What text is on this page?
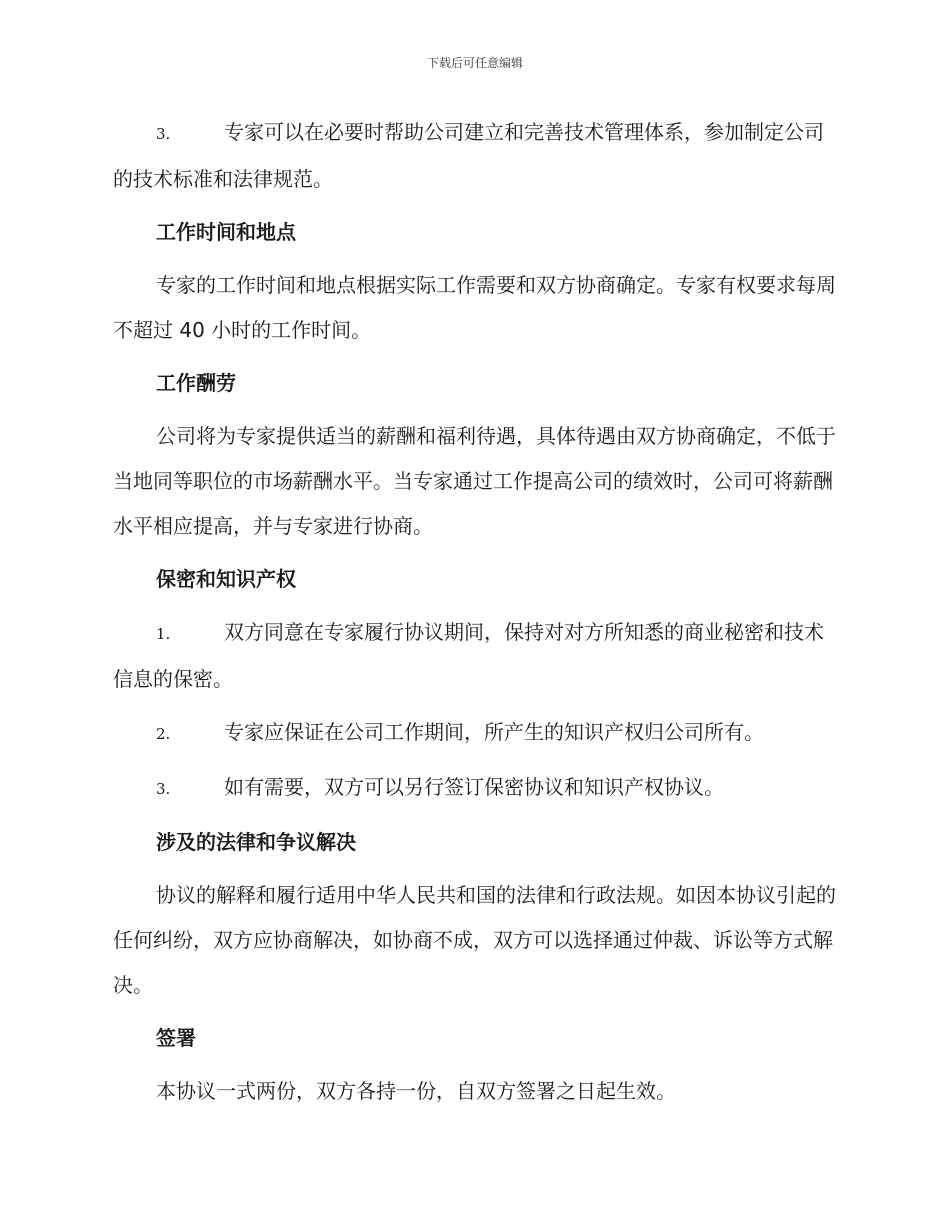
下载后可任意编辑

3.	专家可以在必要时帮助公司建立和完善技术管理体系，参加制定公司的技术标准和法律规范。

工作时间和地点

专家的工作时间和地点根据实际工作需要和双方协商确定。专家有权要求每周不超过 40 小时的工作时间。

工作酬劳

公司将为专家提供适当的薪酬和福利待遇，具体待遇由双方协商确定，不低于当地同等职位的市场薪酬水平。当专家通过工作提高公司的绩效时，公司可将薪酬水平相应提高，并与专家进行协商。

保密和知识产权

1.	双方同意在专家履行协议期间，保持对对方所知悉的商业秘密和技术信息的保密。

2.	专家应保证在公司工作期间，所产生的知识产权归公司所有。

3.	如有需要，双方可以另行签订保密协议和知识产权协议。

涉及的法律和争议解决

协议的解释和履行适用中华人民共和国的法律和行政法规。如因本协议引起的任何纠纷，双方应协商解决，如协商不成，双方可以选择通过仲裁、诉讼等方式解决。

签署

本协议一式两份，双方各持一份，自双方签署之日起生效。
